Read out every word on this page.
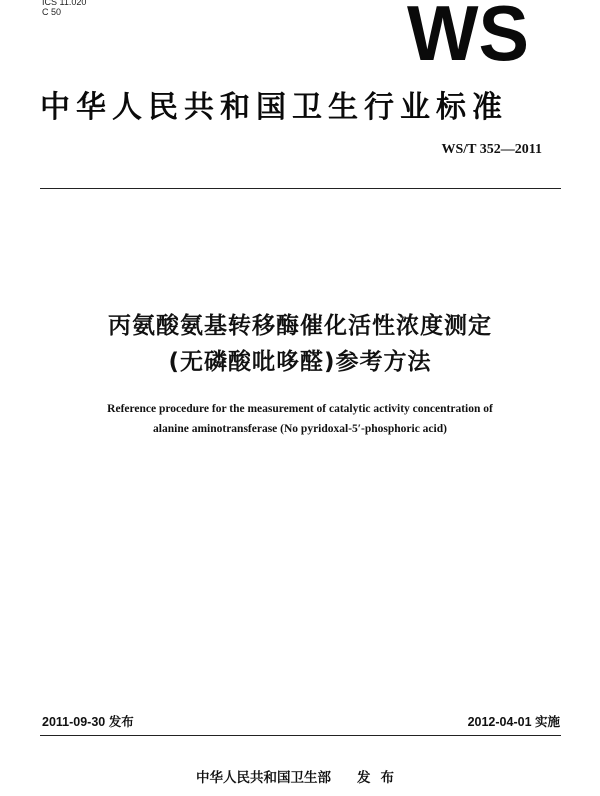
ICS 11.020
C 50	WS
中华人民共和国卫生行业标准
WS/T 352—2011
丙氨酸氨基转移酶催化活性浓度测定
(无磷酸吡哆醛)参考方法
Reference procedure for the measurement of catalytic activity concentration of
alanine aminotransferase (No pyridoxal-5′-phosphoric acid)
2011-09-30 发布	2012-04-01 实施
中华人民共和国卫生部 发布
